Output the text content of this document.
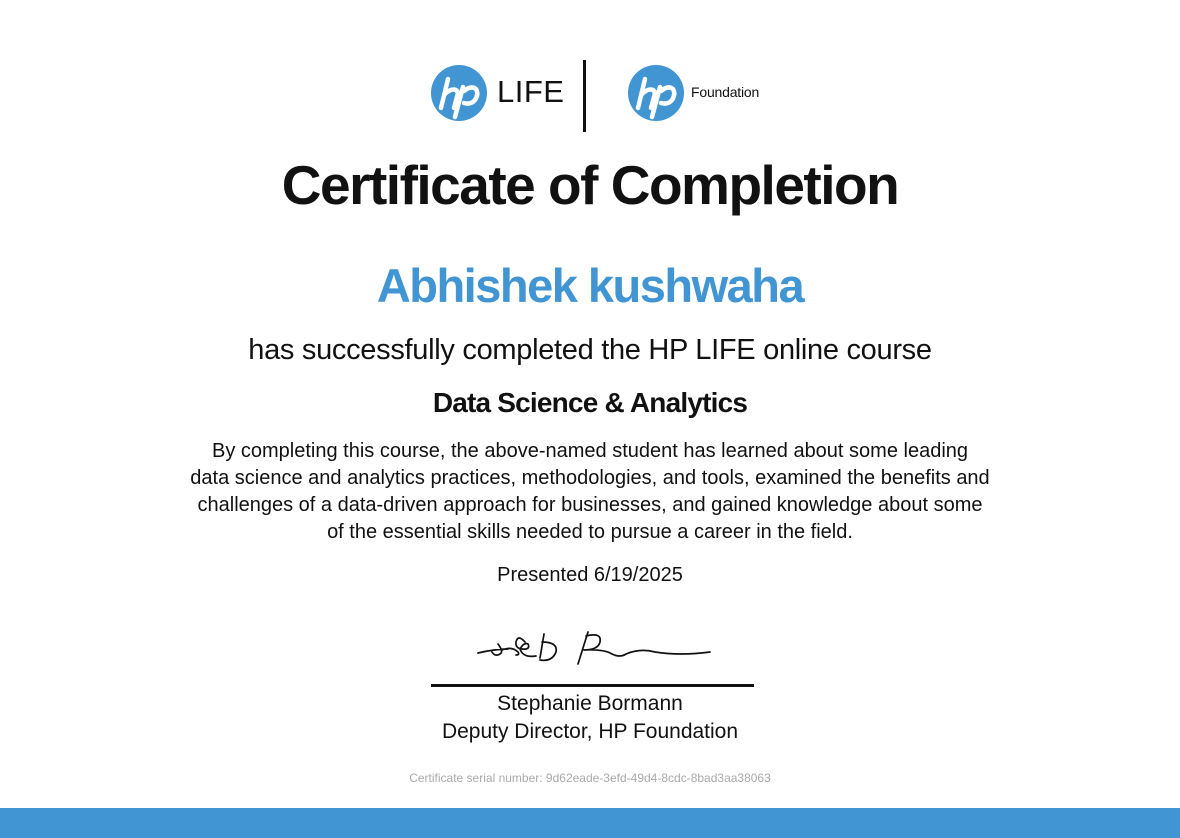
LIFE	Foundation
Certificate of Completion
Abhishek kushwaha
has successfully completed the HP LIFE online course
Data Science & Analytics
By completing this course, the above-named student has learned about some leading
data science and analytics practices, methodologies, and tools, examined the benefits and
challenges of a data-driven approach for businesses, and gained knowledge about some
of the essential skills needed to pursue a career in the field.
Presented 6/19/2025
Stephanie Bormann
Deputy Director, HP Foundation
Certificate serial number: 9d62eade-3efd-49d4-8cdc-8bad3aa38063
